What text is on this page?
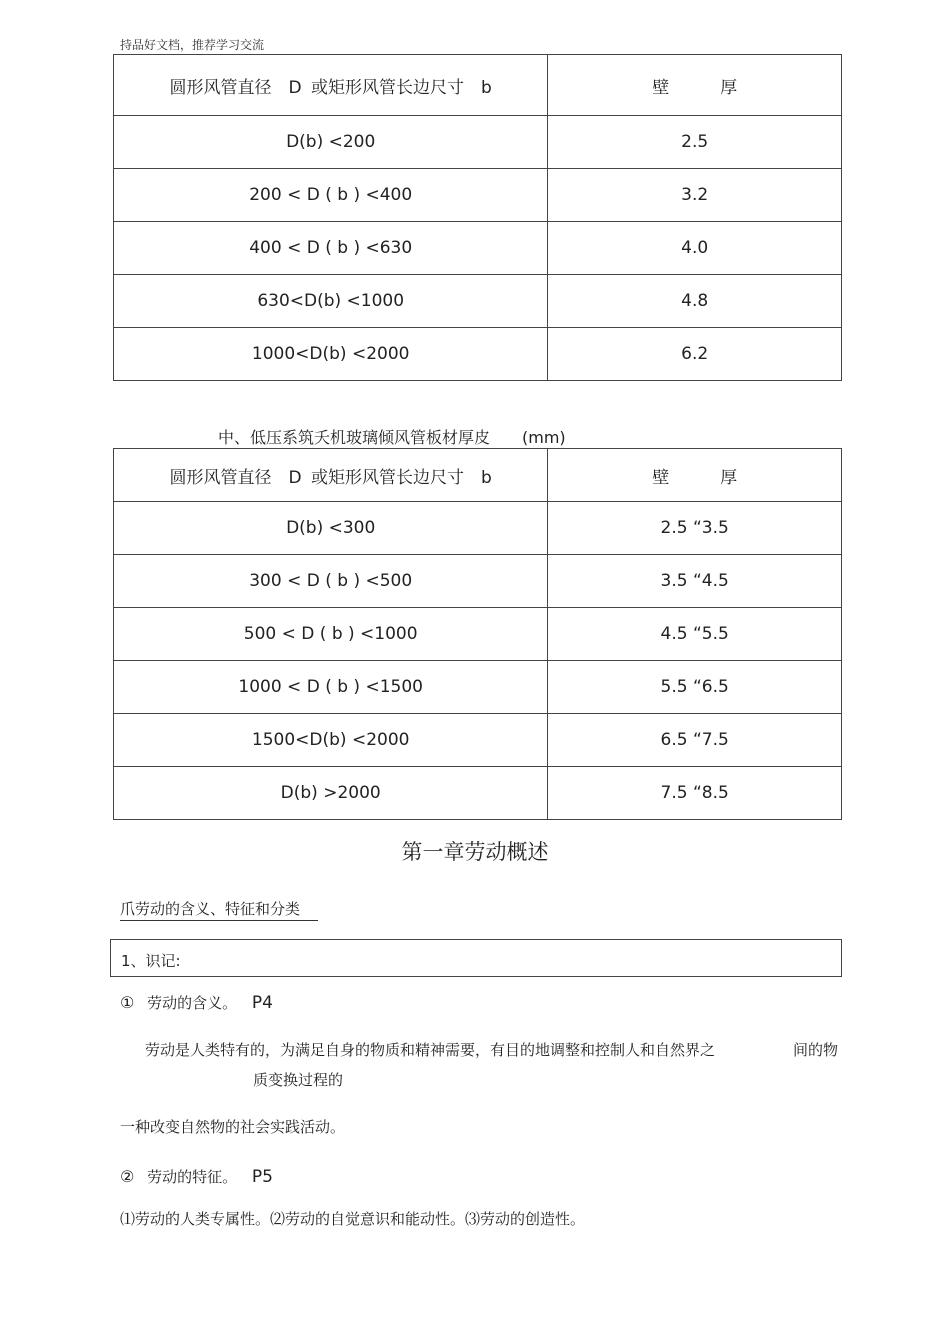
持品好文档，推荐学习交流
圆形风管直径　D 或矩形风管长边尺寸　b	壁　　　厚
D(b) <200	2.5
200 < D ( b ) <400	3.2
400 < D ( b ) <630	4.0
630<D(b) <1000	4.8
1000<D(b) <2000	6.2
中、低压系筑夭机玻璃倾风管板材厚皮　　(mm)
圆形风管直径　D 或矩形风管长边尺寸　b	壁　　　厚
D(b) <300	2.5 “3.5
300 < D ( b ) <500	3.5 “4.5
500 < D ( b ) <1000	4.5 “5.5
1000 < D ( b ) <1500	5.5 “6.5
1500<D(b) <2000	6.5 “7.5
D(b) >2000	7.5 “8.5
第一章劳动概述
爪劳动的含义、特征和分类
1、识记:
① 劳动的含义。 P4
劳动是人类特有的，为满足自身的物质和精神需要，有目的地调整和控制人和自然界之	间的物
质变换过程的
一种改变自然物的社会实践活动。
② 劳动的特征。 P5
⑴劳动的人类专属性。⑵劳动的自觉意识和能动性。⑶劳动的创造性。
